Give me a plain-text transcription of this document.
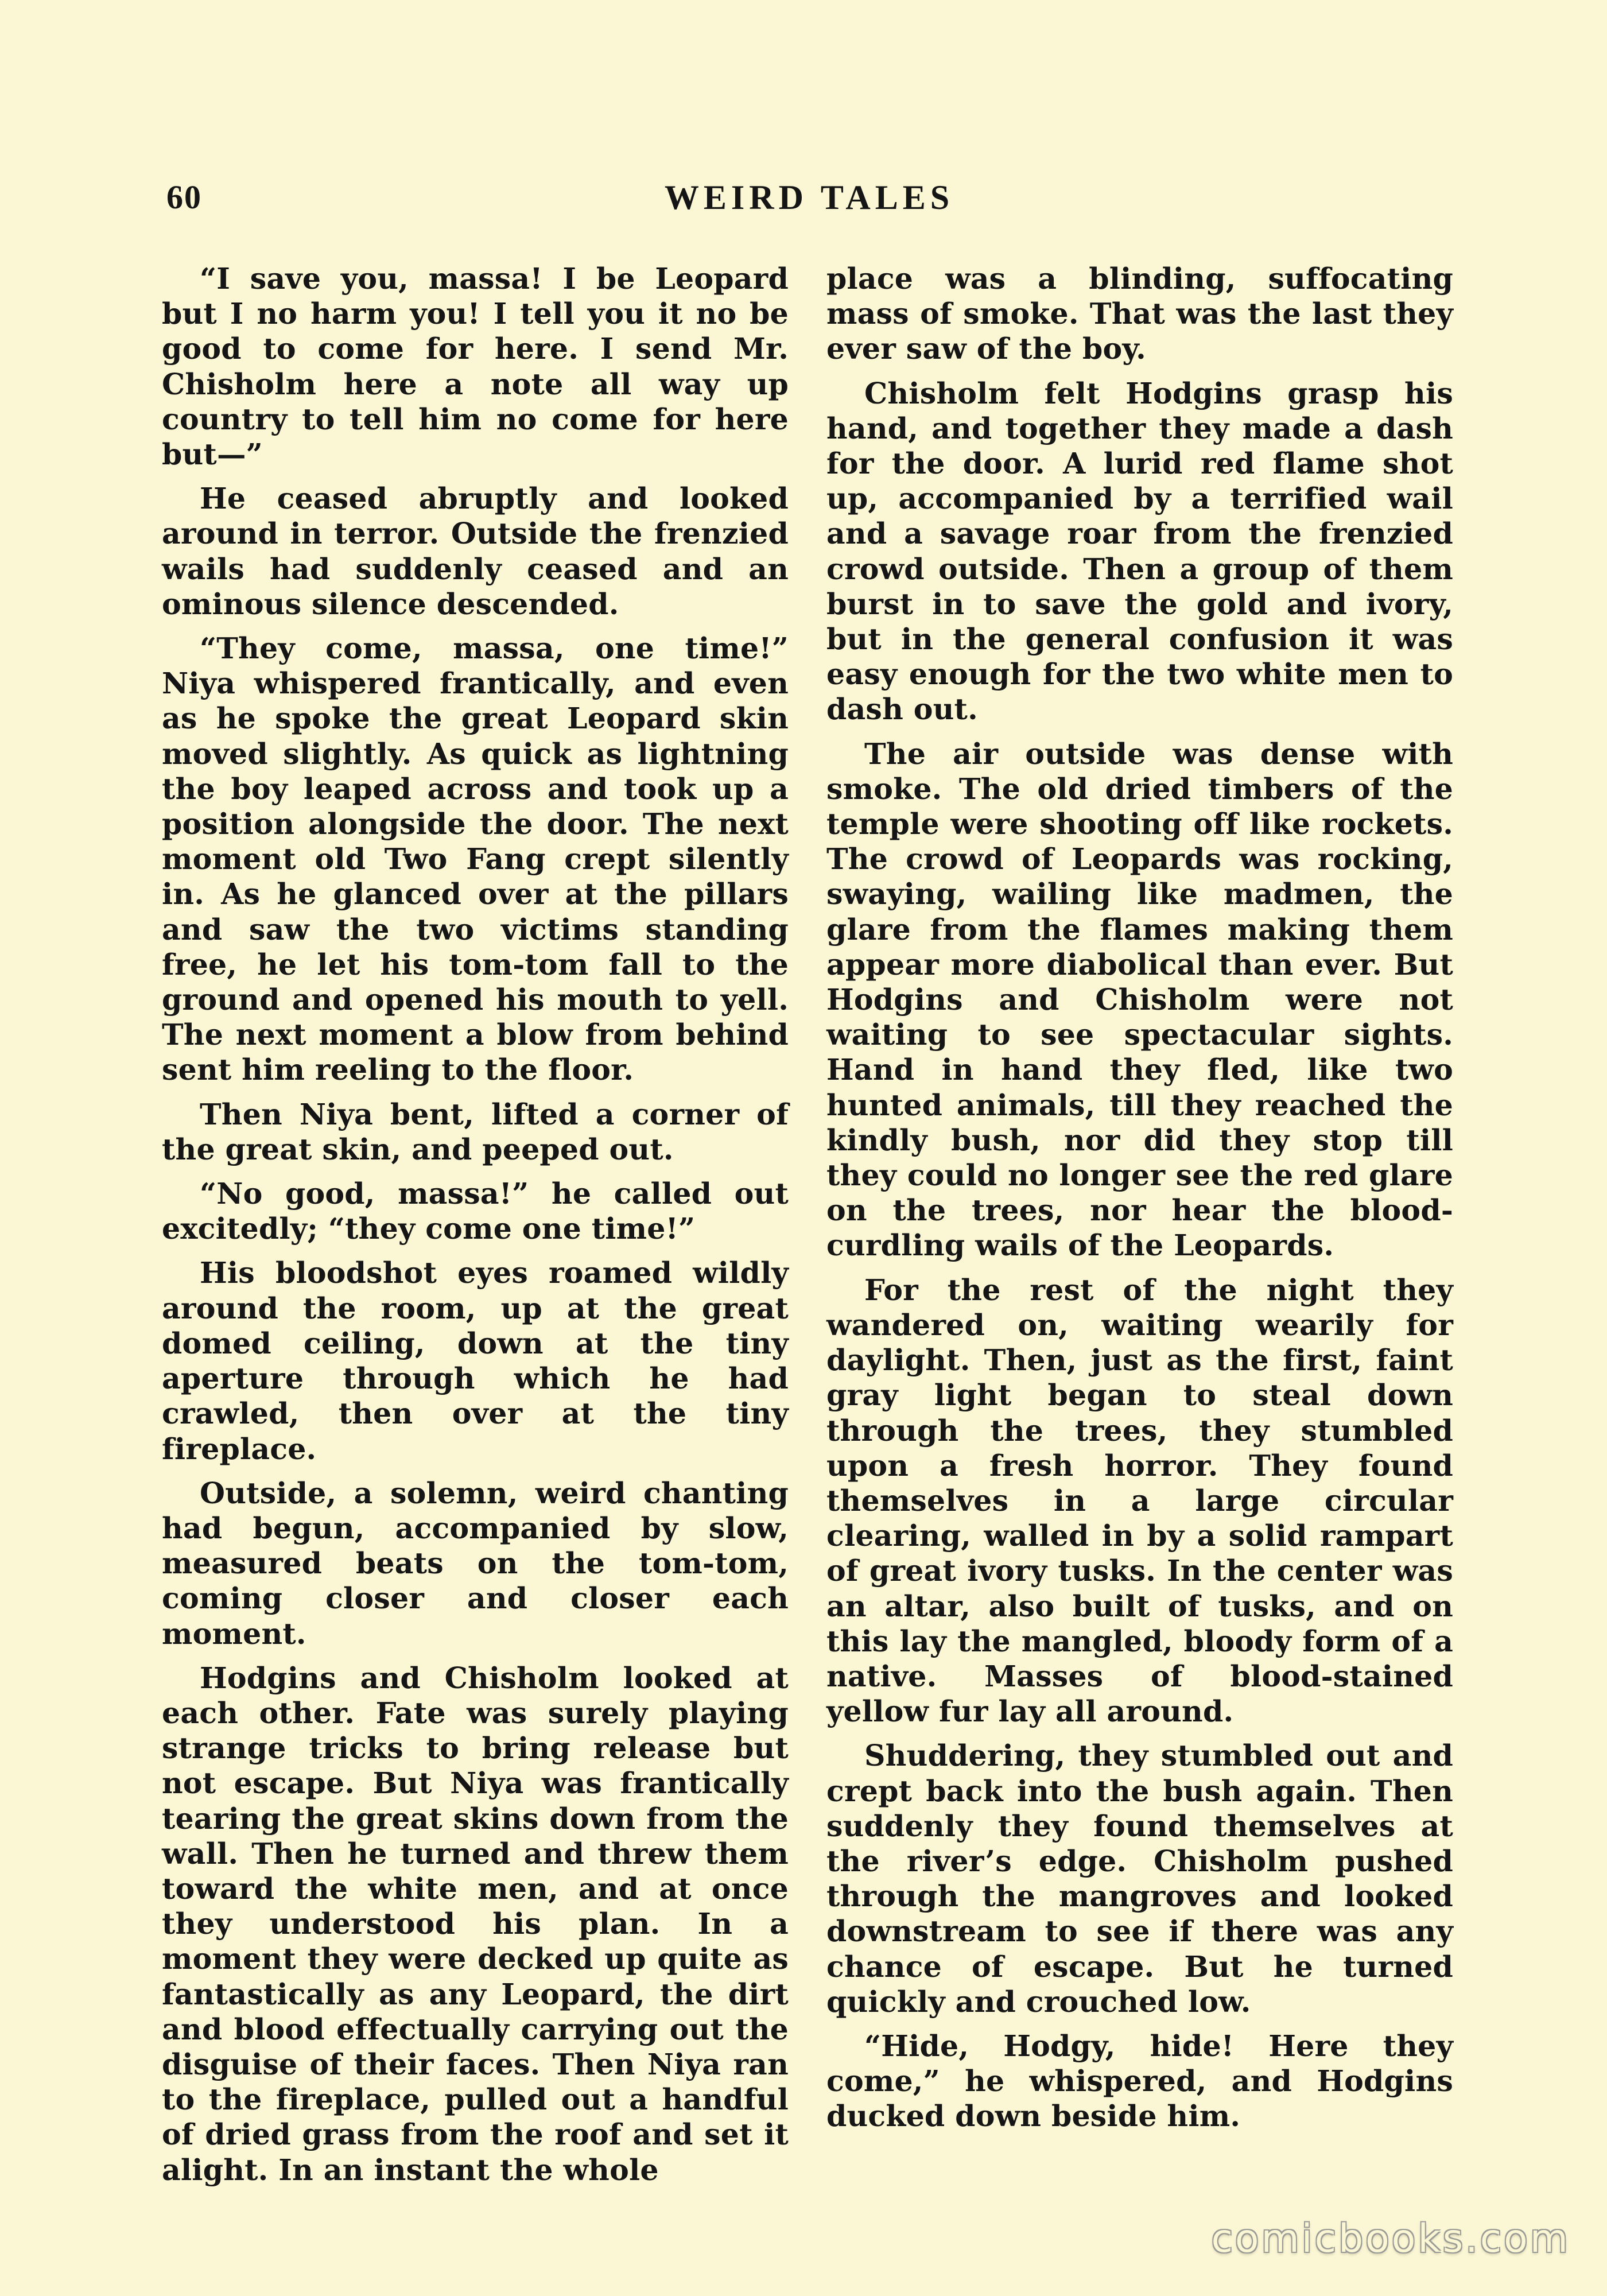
60	WEIRD TALES

“I save you, massa! I be Leopard but I no harm you! I tell you it no be good to come for here. I send Mr. Chisholm here a note all way up country to tell him no come for here but—”

He ceased abruptly and looked around in terror. Outside the frenzied wails had suddenly ceased and an ominous silence descended.

“They come, massa, one time!” Niya whispered frantically, and even as he spoke the great Leopard skin moved slightly. As quick as lightning the boy leaped across and took up a position alongside the door. The next moment old Two Fang crept silently in. As he glanced over at the pillars and saw the two victims standing free, he let his tom-tom fall to the ground and opened his mouth to yell. The next moment a blow from behind sent him reeling to the floor.

Then Niya bent, lifted a corner of the great skin, and peeped out.

“No good, massa!” he called out excitedly; “they come one time!”

His bloodshot eyes roamed wildly around the room, up at the great domed ceiling, down at the tiny aperture through which he had crawled, then over at the tiny fireplace.

Outside, a solemn, weird chanting had begun, accompanied by slow, measured beats on the tom-tom, coming closer and closer each moment.

Hodgins and Chisholm looked at each other. Fate was surely playing strange tricks to bring release but not escape. But Niya was frantically tearing the great skins down from the wall. Then he turned and threw them toward the white men, and at once they understood his plan. In a moment they were decked up quite as fantastically as any Leopard, the dirt and blood effectually carrying out the disguise of their faces. Then Niya ran to the fireplace, pulled out a handful of dried grass from the roof and set it alight. In an instant the whole

place was a blinding, suffocating mass of smoke. That was the last they ever saw of the boy.

Chisholm felt Hodgins grasp his hand, and together they made a dash for the door. A lurid red flame shot up, accompanied by a terrified wail and a savage roar from the frenzied crowd outside. Then a group of them burst in to save the gold and ivory, but in the general confusion it was easy enough for the two white men to dash out.

The air outside was dense with smoke. The old dried timbers of the temple were shooting off like rockets. The crowd of Leopards was rocking, swaying, wailing like madmen, the glare from the flames making them appear more diabolical than ever. But Hodgins and Chisholm were not waiting to see spectacular sights. Hand in hand they fled, like two hunted animals, till they reached the kindly bush, nor did they stop till they could no longer see the red glare on the trees, nor hear the blood-curdling wails of the Leopards.

For the rest of the night they wandered on, waiting wearily for daylight. Then, just as the first, faint gray light began to steal down through the trees, they stumbled upon a fresh horror. They found themselves in a large circular clearing, walled in by a solid rampart of great ivory tusks. In the center was an altar, also built of tusks, and on this lay the mangled, bloody form of a native. Masses of blood-stained yellow fur lay all around.

Shuddering, they stumbled out and crept back into the bush again. Then suddenly they found themselves at the river’s edge. Chisholm pushed through the mangroves and looked downstream to see if there was any chance of escape. But he turned quickly and crouched low.

“Hide, Hodgy, hide! Here they come,” he whispered, and Hodgins ducked down beside him.

comicbooks.com
